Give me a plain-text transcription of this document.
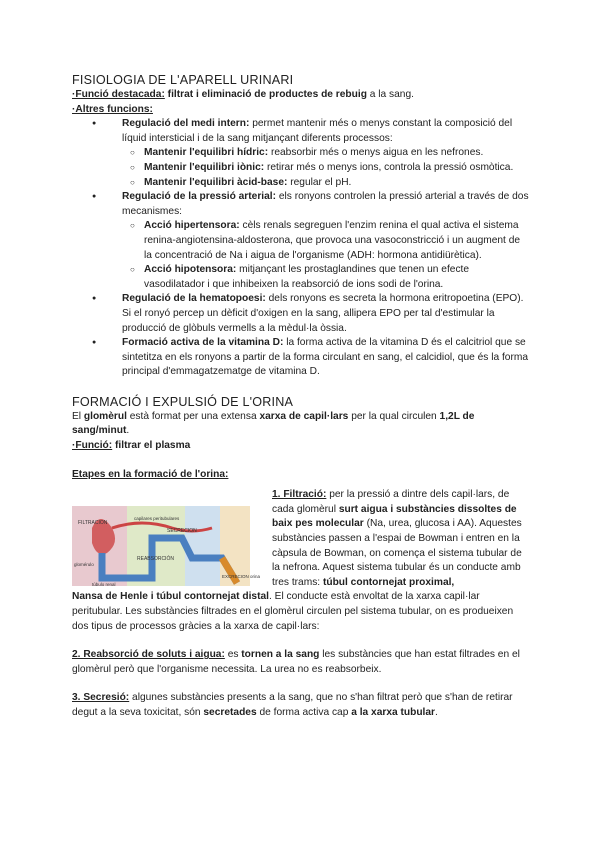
FISIOLOGIA DE L'APARELL URINARI

·Funció destacada: filtrat i eliminació de productes de rebuig a la sang.

·Altres funcions:

● Regulació del medi intern: permet mantenir més o menys constant la composició del líquid intersticial i de la sang mitjançant diferents processos:
○ Mantenir l'equilibri hídric: reabsorbir més o menys aigua en les nefrones.
○ Mantenir l'equilibri iònic: retirar més o menys ions, controla la pressió osmòtica.
○ Mantenir l'equilibri àcid-base: regular el pH.
● Regulació de la pressió arterial: els ronyons controlen la pressió arterial a través de dos mecanismes:
○ Acció hipertensora: cèls renals segreguen l'enzim renina el qual activa el sistema renina-angiotensina-aldosterona, que provoca una vasoconstricció i un augment de la concentració de Na i aigua de l'organisme (ADH: hormona antidiürètica).
○ Acció hipotensora: mitjançant les prostaglandines que tenen un efecte vasodilatador i que inhibeixen la reabsorció de ions sodi de l'orina.
● Regulació de la hematopoesi: dels ronyons es secreta la hormona eritropoetina (EPO). Si el ronyó percep un dèficit d'oxigen en la sang, allipera EPO per tal d'estimular la producció de glòbuls vermells a la mèdul·la òssia.
● Formació activa de la vitamina D: la forma activa de la vitamina D és el calcitriol que se sintetitza en els ronyons a partir de la forma circulant en sang, el calcidiol, que és la forma principal d'emmagatzematge de vitamina D.
FORMACIÓ I EXPULSIÓ DE L'ORINA

El glomèrul està format per una extensa xarxa de capil·lars per la qual circulen 1,2L de sang/minut.

·Funció: filtrar el plasma

Etapes en la formació de l'orina:

FILTRACION
capilares peritubulares
SECRECION
REABSORCIÓN
glomérulo
túbulo renal
EXCRECION orina
1. Filtració: per la pressió a dintre dels capil·lars, de cada glomèrul surt aigua i substàncies dissoltes de baix pes molecular (Na, urea, glucosa i AA). Aquestes substàncies passen a l'espai de Bowman i entren en la càpsula de Bowman, on comença el sistema tubular de la nefrona. Aquest sistema tubular és un conducte amb tres trams: túbul contornejat proximal,

Nansa de Henle i túbul contornejat distal. El conducte està envoltat de la xarxa capil·lar peritubular. Les substàncies filtrades en el glomèrul circulen pel sistema tubular, on es produeixen dos tipus de processos gràcies a la xarxa de capil·lars:

2. Reabsorció de soluts i aigua: es tornen a la sang les substàncies que han estat filtrades en el glomèrul però que l'organisme necessita. La urea no es reabsorbeix.

3. Secresió: algunes substàncies presents a la sang, que no s'han filtrat però que s'han de retirar degut a la seva toxicitat, són secretades de forma activa cap a la xarxa tubular.
